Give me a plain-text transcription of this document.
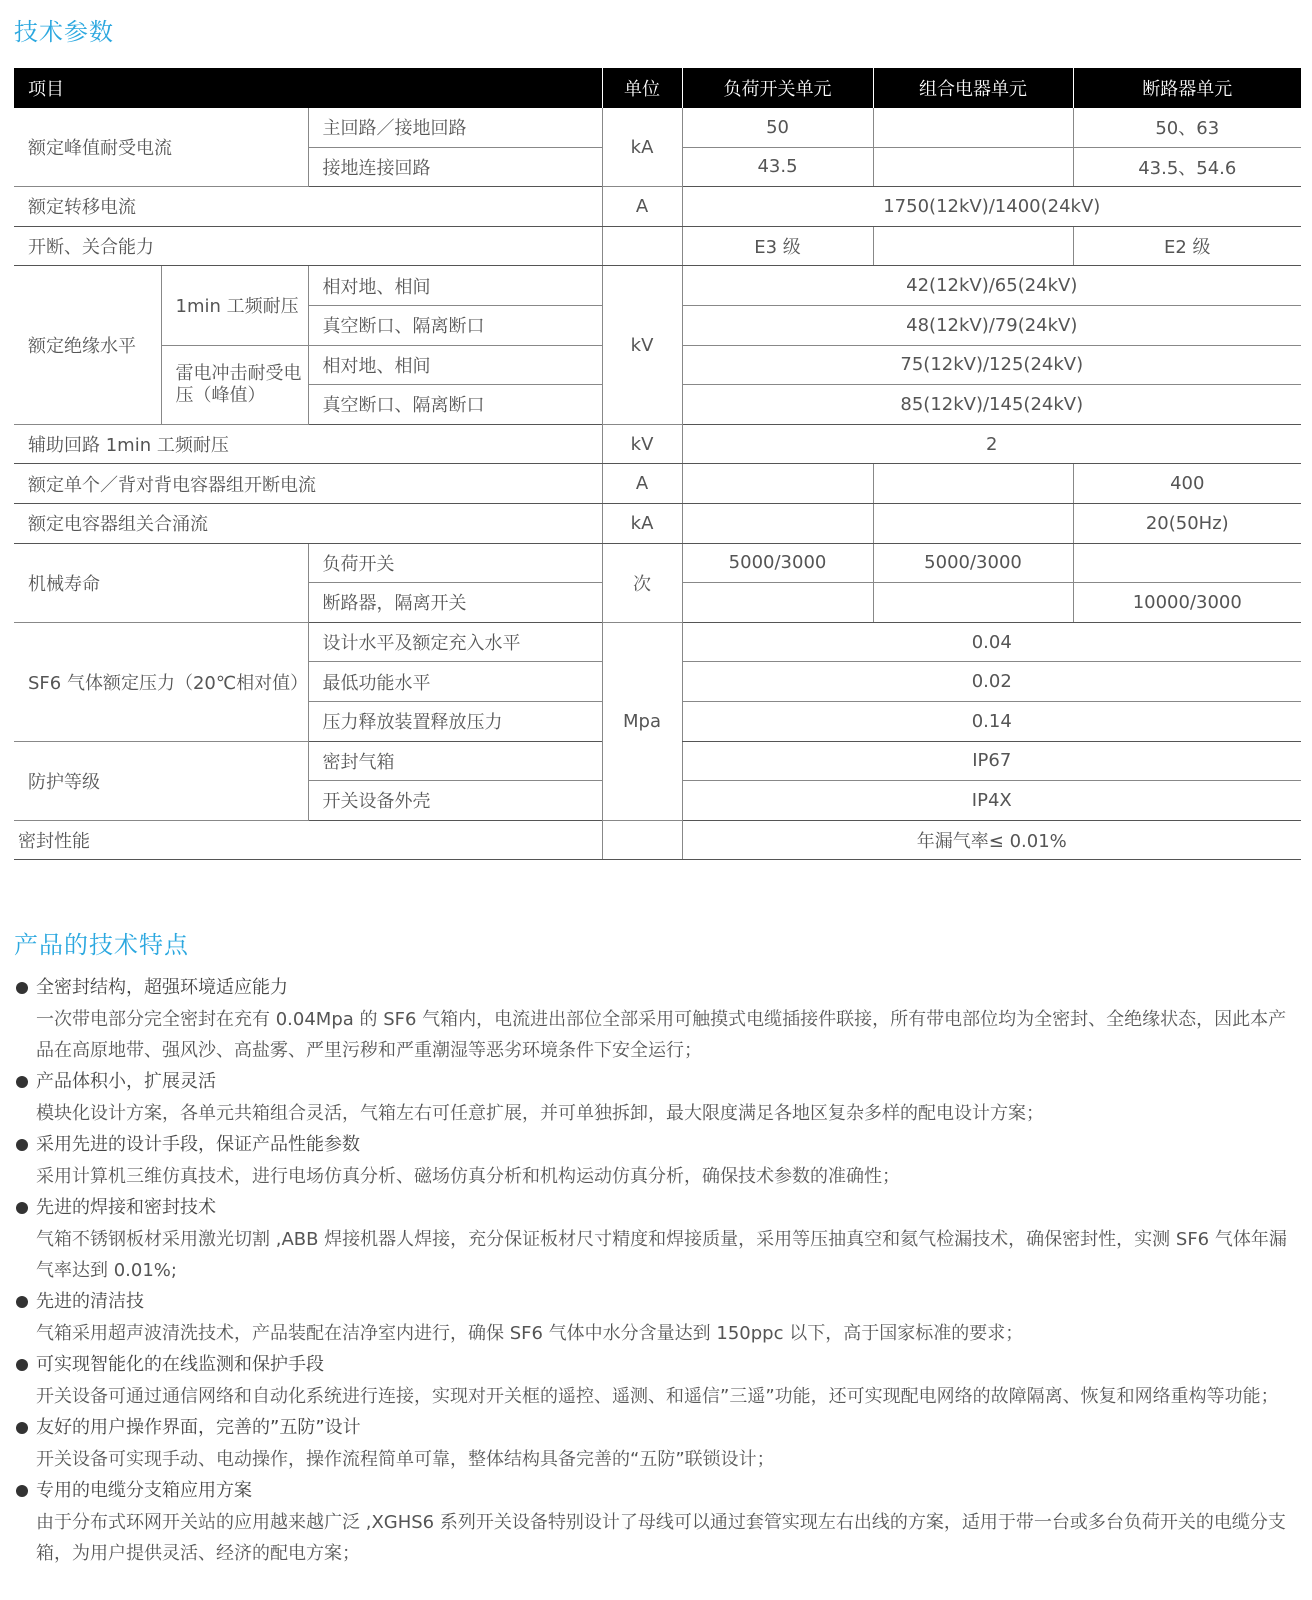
技术参数
项目			单位	负荷开关单元	组合电器单元	断路器单元
额定峰值耐受电流		主回路／接地回路	kA	50		50、63
		接地连接回路		43.5		43.5、54.6
额定转移电流			A	1750(12kV)/1400(24kV)		
开断、关合能力				E3 级		E2 级
额定绝缘水平	1min 工频耐压	相对地、相间	kV	42(12kV)/65(24kV)		
		真空断口、隔离断口		48(12kV)/79(24kV)		
	雷电冲击耐受电压（峰值）	相对地、相间		75(12kV)/125(24kV)		
		真空断口、隔离断口		85(12kV)/145(24kV)		
辅助回路 1min 工频耐压			kV	2		
额定单个／背对背电容器组开断电流			A			400
额定电容器组关合涌流			kA			20(50Hz)
机械寿命		负荷开关	次	5000/3000	5000/3000	
		断路器，隔离开关				10000/3000
SF6 气体额定压力（20℃相对值）		设计水平及额定充入水平	Mpa	0.04		
		最低功能水平		0.02		
		压力释放装置释放压力		0.14		
防护等级		密封气箱		IP67		
		开关设备外壳		IP4X		
密封性能				年漏气率≤ 0.01%		
产品的技术特点
全密封结构，超强环境适应能力

一次带电部分完全密封在充有 0.04Mpa 的 SF6 气箱内，电流进出部位全部采用可触摸式电缆插接件联接，所有带电部位均为全密封、全绝缘状态，因此本产品在高原地带、强风沙、高盐雾、严里污秽和严重潮湿等恶劣环境条件下安全运行；

产品体积小，扩展灵活

模块化设计方案，各单元共箱组合灵活，气箱左右可任意扩展，并可单独拆卸，最大限度满足各地区复杂多样的配电设计方案；

采用先进的设计手段，保证产品性能参数

采用计算机三维仿真技术，进行电场仿真分析、磁场仿真分析和机构运动仿真分析，确保技术参数的准确性；

先进的焊接和密封技术

气箱不锈钢板材采用激光切割 ,ABB 焊接机器人焊接，充分保证板材尺寸精度和焊接质量，采用等压抽真空和氦气检漏技术，确保密封性，实测 SF6 气体年漏气率达到 0.01%;

先进的清洁技

气箱采用超声波清洗技术，产品装配在洁净室内进行，确保 SF6 气体中水分含量达到 150ppc 以下，高于国家标准的要求；

可实现智能化的在线监测和保护手段

开关设备可通过通信网络和自动化系统进行连接，实现对开关框的遥控、遥测、和遥信”三遥”功能，还可实现配电网络的故障隔离、恢复和网络重构等功能；

友好的用户操作界面，完善的”五防”设计

开关设备可实现手动、电动操作，操作流程简单可靠，整体结构具备完善的“五防”联锁设计；

专用的电缆分支箱应用方案

由于分布式环网开关站的应用越来越广泛 ,XGHS6 系列开关设备特别设计了母线可以通过套管实现左右出线的方案，适用于带一台或多台负荷开关的电缆分支箱，为用户提供灵活、经济的配电方案；
